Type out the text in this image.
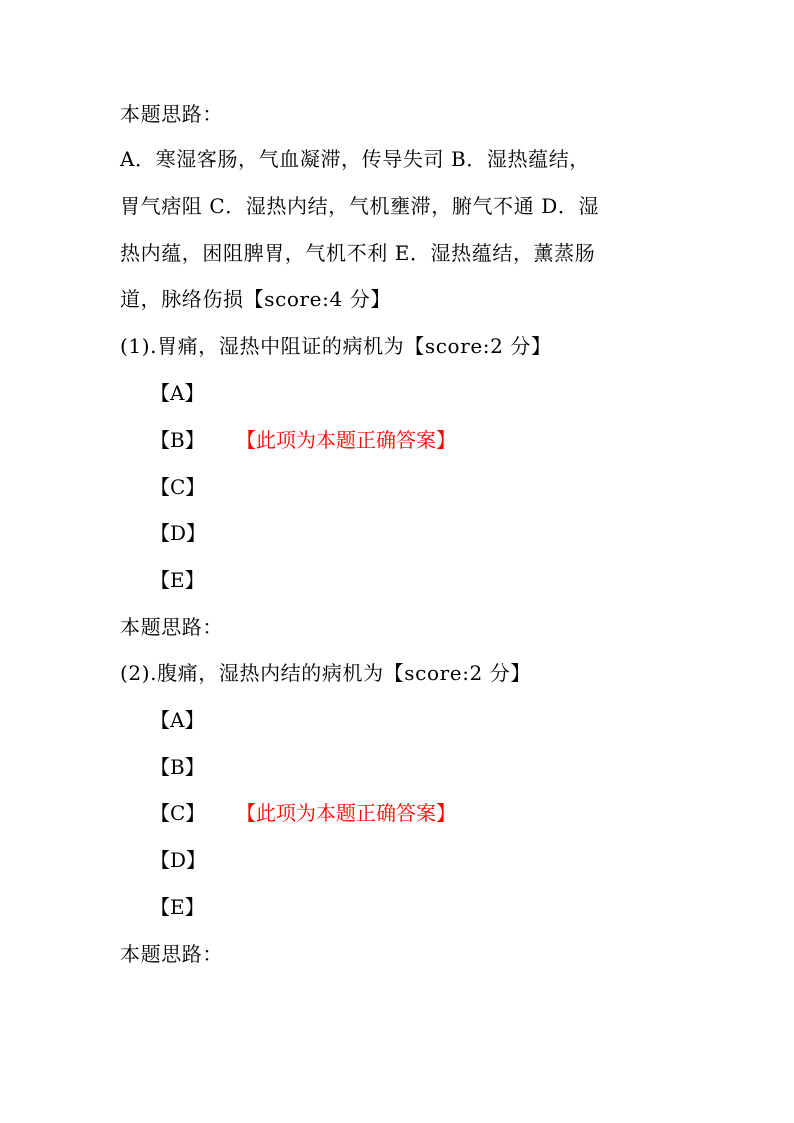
本题思路：
A．寒湿客肠，气血凝滞，传导失司 B．湿热蕴结，
胃气痞阻 C．湿热内结，气机壅滞，腑气不通 D．湿
热内蕴，困阻脾胃，气机不利 E．湿热蕴结，薰蒸肠
道，脉络伤损【score:4 分】
(1).胃痛，湿热中阻证的病机为【score:2 分】
【A】
【B】 【此项为本题正确答案】
【C】
【D】
【E】
本题思路：
(2).腹痛，湿热内结的病机为【score:2 分】
【A】
【B】
【C】 【此项为本题正确答案】
【D】
【E】
本题思路：
